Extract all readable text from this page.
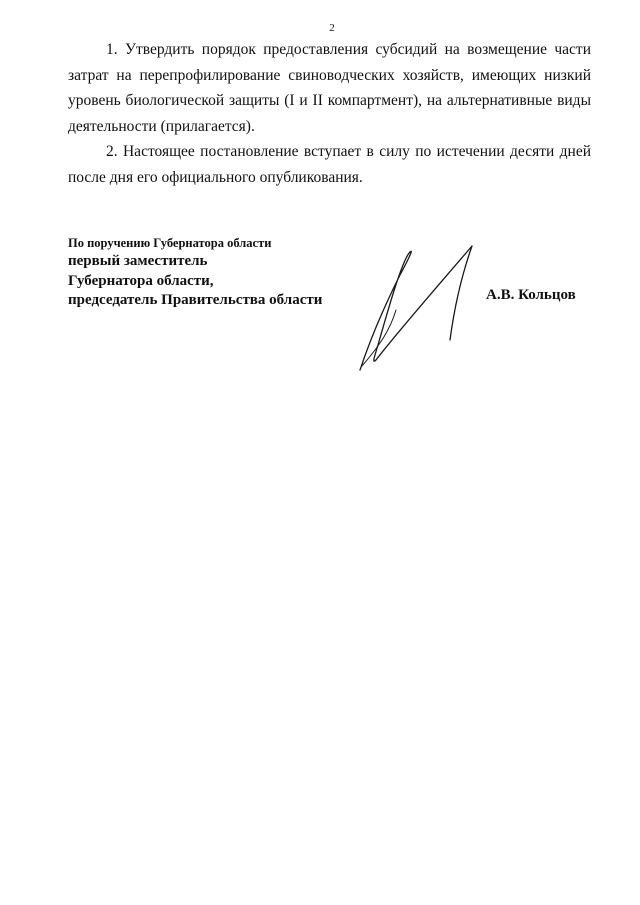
2

1. Утвердить порядок предоставления субсидий на возмещение части затрат на перепрофилирование свиноводческих хозяйств, имеющих низкий уровень биологической защиты (I и II компартмент), на альтернативные виды деятельности (прилагается).

2. Настоящее постановление вступает в силу по истечении десяти дней после дня его официального опубликования.

По поручению Губернатора области
первый заместитель
Губернатора области,
председатель Правительства области	А.В. Кольцов
